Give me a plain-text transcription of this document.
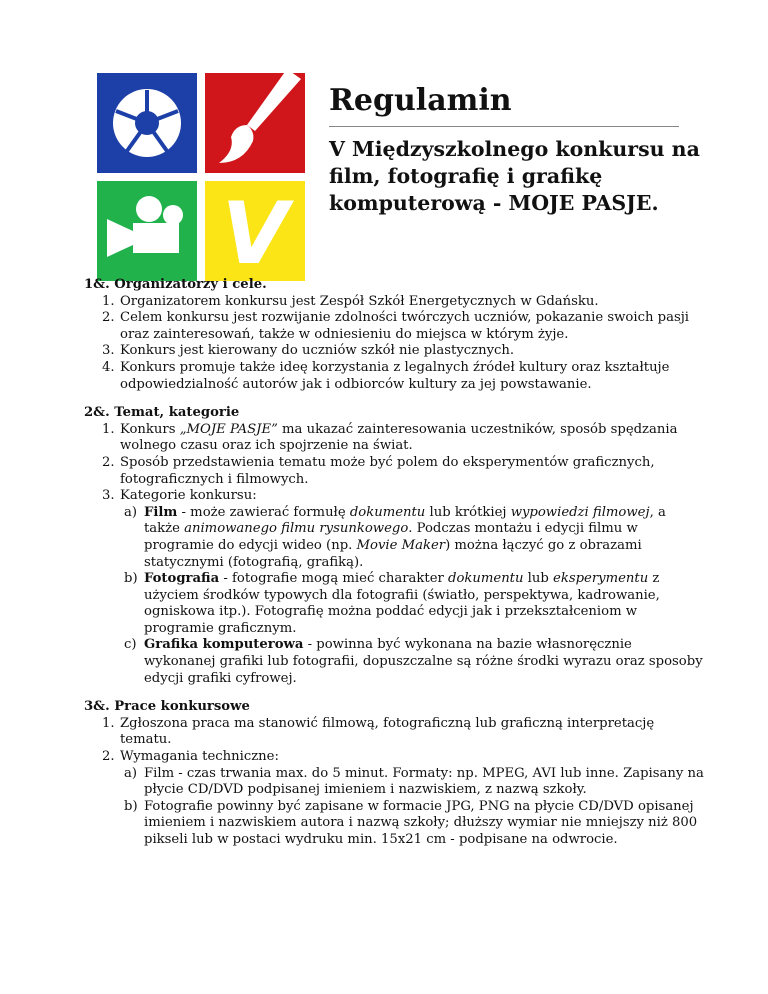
V
Regulamin
V Międzyszkolnego konkursu na film, fotografię i grafikę komputerową - MOJE PASJE.

1&. Organizatorzy i cele.

1. Organizatorem konkursu jest Zespół Szkół Energetycznych w Gdańsku.
2. Celem konkursu jest rozwijanie zdolności twórczych uczniów, pokazanie swoich pasji oraz zainteresowań, także w odniesieniu do miejsca w którym żyje.
3. Konkurs jest kierowany do uczniów szkół nie plastycznych.
4. Konkurs promuje także ideę korzystania z legalnych źródeł kultury oraz kształtuje odpowiedzialność autorów jak i odbiorców kultury za jej powstawanie.

2&. Temat, kategorie

1. Konkurs „MOJE PASJE” ma ukazać zainteresowania uczestników, sposób spędzania wolnego czasu oraz ich spojrzenie na świat.
2. Sposób przedstawienia tematu może być polem do eksperymentów graficznych, fotograficznych i filmowych.
3. Kategorie konkursu:
a) Film - może zawierać formułę dokumentu lub krótkiej wypowiedzi filmowej, a także animowanego filmu rysunkowego. Podczas montażu i edycji filmu w programie do edycji wideo (np. Movie Maker) można łączyć go z obrazami statycznymi (fotografią, grafiką).
b) Fotografia - fotografie mogą mieć charakter dokumentu lub eksperymentu z użyciem środków typowych dla fotografii (światło, perspektywa, kadrowanie, ogniskowa itp.). Fotografię można poddać edycji jak i przekształceniom w programie graficznym.
c) Grafika komputerowa - powinna być wykonana na bazie własnoręcznie wykonanej grafiki lub fotografii, dopuszczalne są różne środki wyrazu oraz sposoby edycji grafiki cyfrowej.

3&. Prace konkursowe

1. Zgłoszona praca ma stanowić filmową, fotograficzną lub graficzną interpretację tematu.
2. Wymagania techniczne:
a) Film - czas trwania max. do 5 minut. Formaty: np. MPEG, AVI lub inne. Zapisany na płycie CD/DVD podpisanej imieniem i nazwiskiem, z nazwą szkoły.
b) Fotografie powinny być zapisane w formacie JPG, PNG na płycie CD/DVD opisanej imieniem i nazwiskiem autora i nazwą szkoły; dłuższy wymiar nie mniejszy niż 800 pikseli lub w postaci wydruku min. 15x21 cm - podpisane na odwrocie.
